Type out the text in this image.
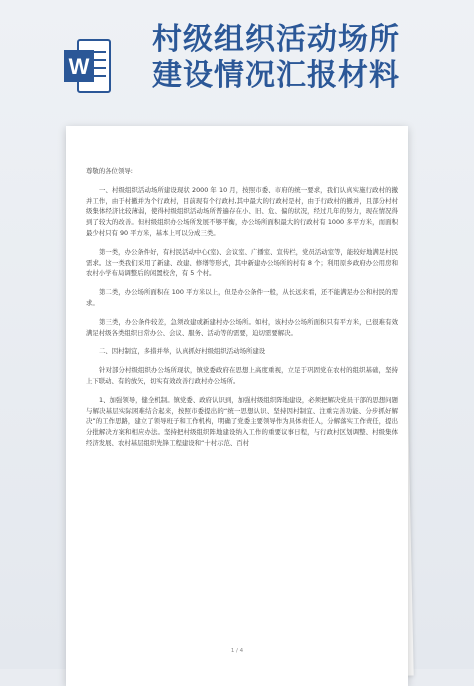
W
村级组织活动场所
建设情况汇报材料
1 / 4

尊敬的各位领导:

一、村级组织活动场所建设现状 2000 年 10 月，按照市委、市府的统一要求，我们认真实施行政村的撤并工作，由于村撤并为个行政村，目前现有个行政村,其中最大的行政村是村，由于行政村的撤并，且部分村村级集体经济比较薄弱，使得村级组织活动场所普遍存在小、旧、危、偏的状况，经过几年的努力，现在情况得到了较大的改善。但村级组织办公场所发展不够平衡，办公场所面积最大的行政村有 1000 多平方米，而面积最少村只有 90 平方米，基本上可以分成三类。

第一类，办公条件好，有村民活动中心(室)、会议室、广播室、宣传栏，党员活动室等，能较好地满足村民需求。这一类我们采用了新建、改建、修缮等形式，其中新建办公场所的村有 8 个；利用原乡政府办公用房和农村小学布局调整后的闲置校舍，有 5 个村。

第二类，办公场所面积在 100 平方米以上，但是办公条件一般，从长远来看，还不能满足办公和村民的需求。

第三类，办公条件较差，急须改建或新建村办公场所。如村，该村办公场所面积只有平方米，已很难有效满足村级各类组织日常办公、会议、服务、活动等的需要，迫切需要解决。

二、因村制宜，多措并举，认真抓好村级组织活动场所建设

针对部分村级组织办公场所现状，镇党委政府在思想上高度重视，立足于巩固党在农村的组织基础，坚持上下联动、有的放矢，切实有效改善行政村办公场所。

1、加强领导，健全机制。镇党委、政府认识到，加强村级组织阵地建设，必须把解决党员干部的思想问题与解决基层实际困难结合起来，按照市委提出的“统一思想认识、坚持因村制宜、注重完善功能、分步抓好解决”的工作思路，建立了领导班子和工作机构，明确了党委主要领导作为具体责任人，分解落实工作责任，提出分批解决方案和相应办法。坚持把村级组织阵地建设纳入工作的重要议事日程，与行政村区划调整、村级集体经济发展、农村基层组织先锋工程建设和“十村示范、百村
